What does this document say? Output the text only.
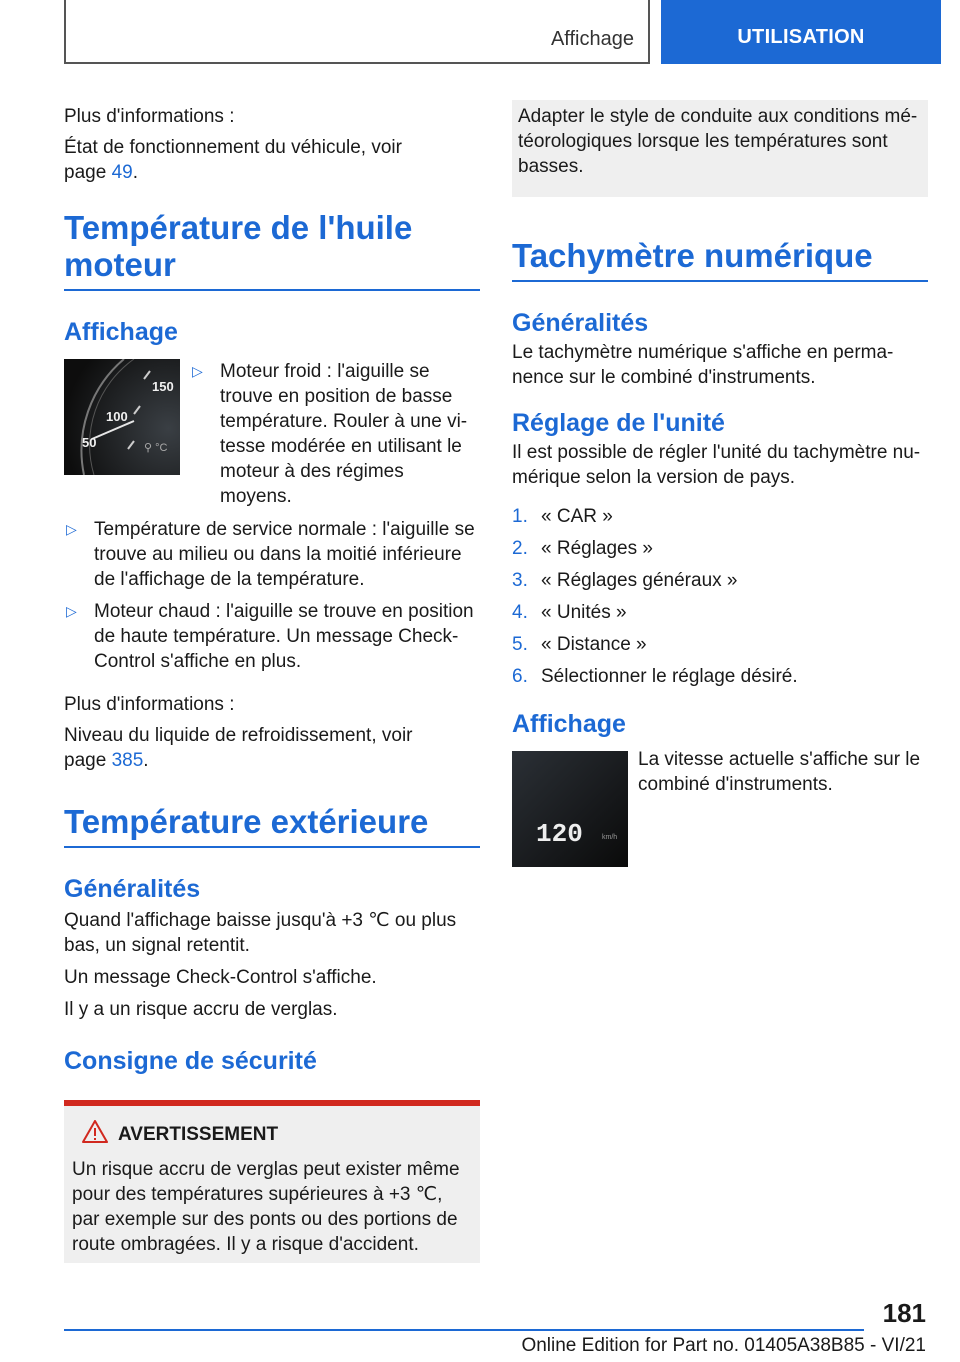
Affichage	UTILISATION

Plus d'informations :

État de fonctionnement du véhicule, voir
page 49.

Température de l'huile moteur
Affichage
150
100
50	⚲ °C
▷ Moteur froid : l'aiguille se trouve en position de basse température. Rouler à une vitesse modérée en utilisant le moteur à des régimes moyens.
▷ Température de service normale : l'aiguille se trouve au milieu ou dans la moitié inférieure de l'affichage de la température.
▷ Moteur chaud : l'aiguille se trouve en position de haute température. Un message Check-Control s'affiche en plus.

Plus d'informations :

Niveau du liquide de refroidissement, voir
page 385.

Température extérieure
Généralités

Quand l'affichage baisse jusqu'à +3 ℃ ou plus bas, un signal retentit.

Un message Check-Control s'affiche.

Il y a un risque accru de verglas.

Consigne de sécurité
AVERTISSEMENT

Un risque accru de verglas peut exister même pour des températures supérieures à +3 ℃, par exemple sur des ponts ou des portions de route ombragées. Il y a risque d'accident.

Adapter le style de conduite aux conditions météorologiques lorsque les températures sont basses.

Tachymètre numérique
Généralités

Le tachymètre numérique s'affiche en permanence sur le combiné d'instruments.

Réglage de l'unité

Il est possible de régler l'unité du tachymètre numérique selon la version de pays.

1. « CAR »
2. « Réglages »
3. « Réglages généraux »
4. « Unités »
5. « Distance »
6. Sélectionner le réglage désiré.
Affichage
120	km/h

La vitesse actuelle s'affiche sur le combiné d'instruments.

181
Online Edition for Part no. 01405A38B85 - VI/21
